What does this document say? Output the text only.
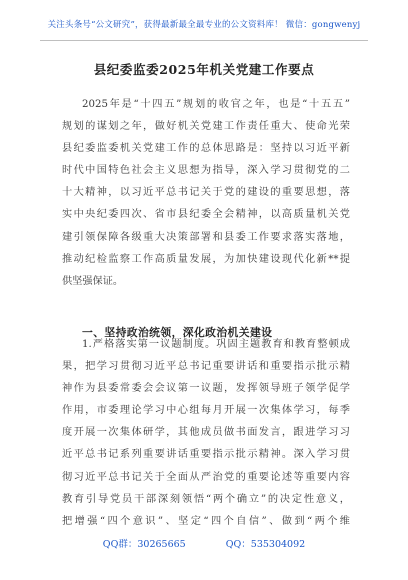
关注头条号“公文研究”，获得最新最全最专业的公文资料库！ 微信：gongwenyj
县纪委监委2025年机关党建工作要点
2025年是“十四五”规划的收官之年，也是“十五五”
规划的谋划之年，做好机关党建工作责任重大、使命光荣
县纪委监委机关党建工作的总体思路是：坚持以习近平新
时代中国特色社会主义思想为指导，深入学习贯彻党的二
十大精神，以习近平总书记关于党的建设的重要思想，落
实中央纪委四次、省市县纪委全会精神，以高质量机关党
建引领保障各级重大决策部署和县委工作要求落实落地，
推动纪检监察工作高质量发展，为加快建设现代化新**提
供坚强保证。
一、坚持政治统领，深化政治机关建设
1.严格落实第一议题制度。巩固主题教育和教育整顿成
果，把学习贯彻习近平总书记重要讲话和重要指示批示精
神作为县委常委会会议第一议题，发挥领导班子领学促学
作用，市委理论学习中心组每月开展一次集体学习，每季
度开展一次集体研学，其他成员做书面发言，跟进学习习
近平总书记系列重要讲话重要指示批示精神。深入学习贯
彻习近平总书记关于全面从严治党的重要论述等重要内容
教育引导党员干部深刻领悟“两个确立”的决定性意义，
把增强“四个意识”、坚定“四个自信”、做到“两个维
QQ群：30265665	QQ：535304092
